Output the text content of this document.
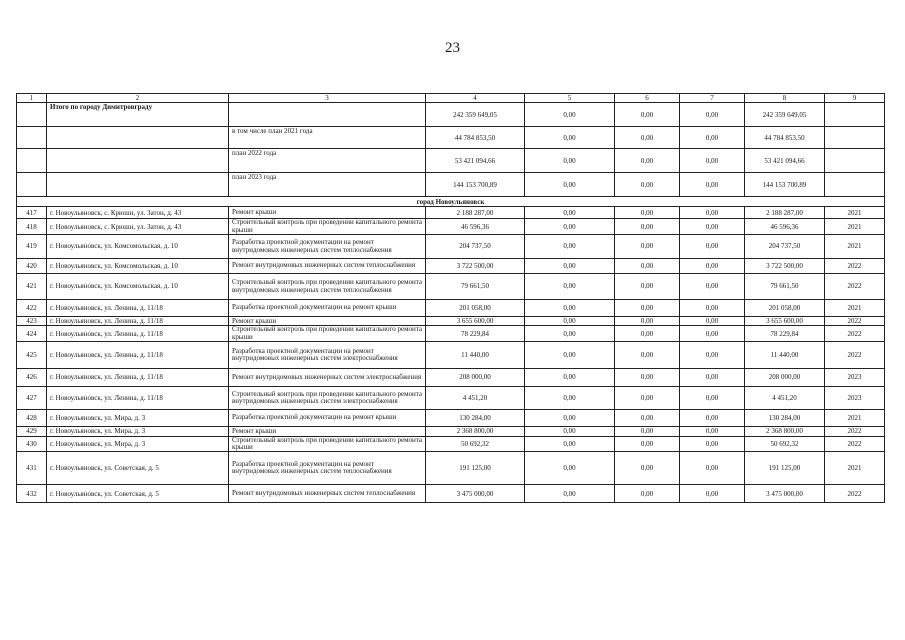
23
1	2	3	4	5	6	7	8	9
	Итого по городу Димитровграду		242 359 649,05	0,00	0,00	0,00	242 359 649,05	
		в том числе план 2021 года	44 784 853,50	0,00	0,00	0,00	44 784 853,50	
		план 2022 года	53 421 094,66	0,00	0,00	0,00	53 421 094,66	
		план 2023 года	144 153 700,89	0,00	0,00	0,00	144 153 700,89	
город Новоульяновск								
417	г. Новоульяновск, с. Крюшн, ул. Затон, д. 43	Ремонт крыши	2 188 287,00	0,00	0,00	0,00	2 188 287,00	2021
418	г. Новоульяновск, с. Крюшн, ул. Затон, д. 43	Строительный контроль при проведении капитального ремонта крыши	46 596,36	0,00	0,00	0,00	46 596,36	2021
419	г. Новоульяновск, ул. Комсомольская, д. 10	Разработка проектной документации на ремонт внутридомовых инженерных систем теплоснабжения	204 737,50	0,00	0,00	0,00	204 737,50	2021
420	г. Новоульяновск, ул. Комсомольская, д. 10	Ремонт внутридомовых инженерных систем теплоснабжения	3 722 500,00	0,00	0,00	0,00	3 722 500,00	2022
421	г. Новоульяновск, ул. Комсомольская, д. 10	Строительный контроль при проведении капитального ремонта внутридомовых инженерных систем теплоснабжения	79 661,50	0,00	0,00	0,00	79 661,50	2022
422	г. Новоульяновск, ул. Ленина, д. 11/18	Разработка проектной документации на ремонт крыши	201 058,00	0,00	0,00	0,00	201 058,00	2021
423	г. Новоульяновск, ул. Ленина, д. 11/18	Ремонт крыши	3 655 600,00	0,00	0,00	0,00	3 655 600,00	2022
424	г. Новоульяновск, ул. Ленина, д. 11/18	Строительный контроль при проведении капитального ремонта крыши	78 229,84	0,00	0,00	0,00	78 229,84	2022
425	г. Новоульяновск, ул. Ленина, д. 11/18	Разработка проектной документации на ремонт внутридомовых инженерных систем электроснабжения	11 440,00	0,00	0,00	0,00	11 440,00	2022
426	г. Новоульяновск, ул. Ленина, д. 11/18	Ремонт внутридомовых инженерных систем электроснабжения	208 000,00	0,00	0,00	0,00	208 000,00	2023
427	г. Новоульяновск, ул. Ленина, д. 11/18	Строительный контроль при проведении капитального ремонта внутридомовых инженерных систем электроснабжения	4 451,20	0,00	0,00	0,00	4 451,20	2023
428	г. Новоульяновск, ул. Мира, д. 3	Разработка проектной документации на ремонт крыши	130 284,00	0,00	0,00	0,00	130 284,00	2021
429	г. Новоульяновск, ул. Мира, д. 3	Ремонт крыши	2 368 800,00	0,00	0,00	0,00	2 368 800,00	2022
430	г. Новоульяновск, ул. Мира, д. 3	Строительный контроль при проведении капитального ремонта крыши	50 692,32	0,00	0,00	0,00	50 692,32	2022
431	г. Новоульяновск, ул. Советская, д. 5	Разработка проектной документации на ремонт внутридомовых инженерных систем теплоснабжения	191 125,00	0,00	0,00	0,00	191 125,00	2021
432	г. Новоульяновск, ул. Советская, д. 5	Ремонт внутридомовых инженерных систем теплоснабжения	3 475 000,00	0,00	0,00	0,00	3 475 000,00	2022
